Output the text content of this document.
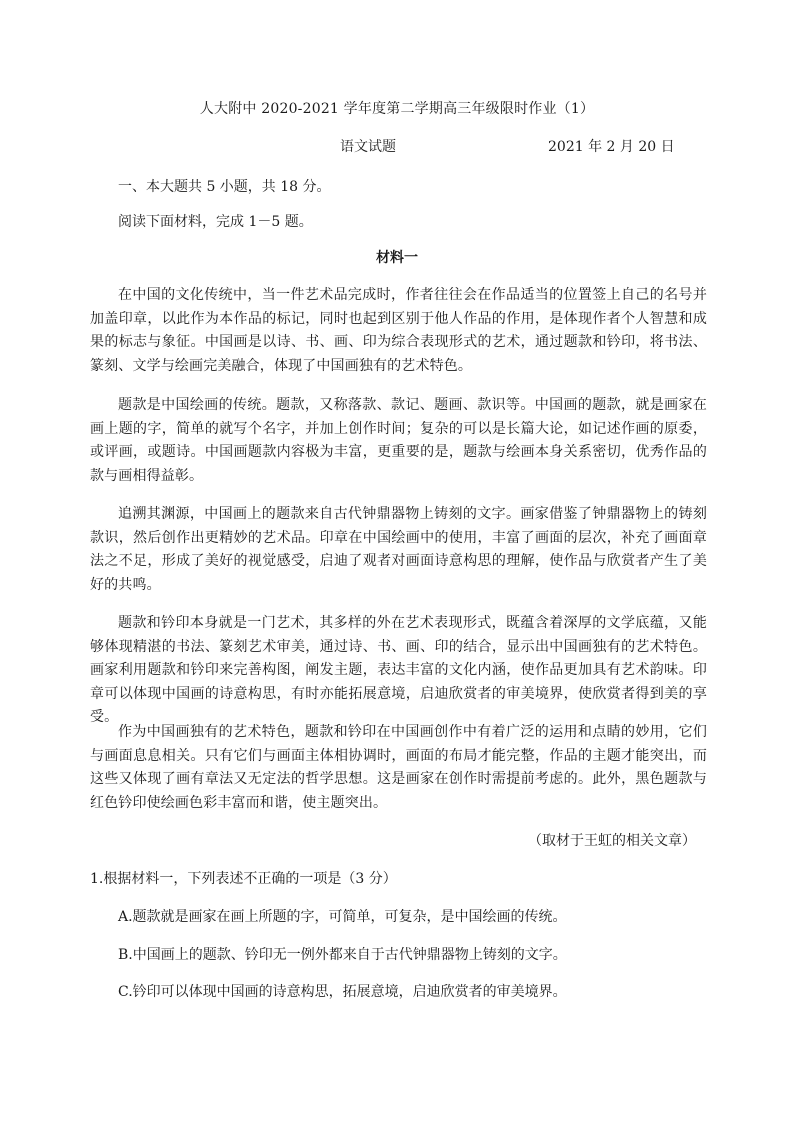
人大附中 2020-2021 学年度第二学期高三年级限时作业（1）
语文试题	2021 年 2 月 20 日
一、本大题共 5 小题，共 18 分。
阅读下面材料，完成 1－5 题。
材料一
在中国的文化传统中，当一件艺术品完成时，作者往往会在作品适当的位置签上自己的名号并加盖印章，以此作为本作品的标记，同时也起到区别于他人作品的作用，是体现作者个人智慧和成果的标志与象征。中国画是以诗、书、画、印为综合表现形式的艺术，通过题款和钤印，将书法、篆刻、文学与绘画完美融合，体现了中国画独有的艺术特色。
题款是中国绘画的传统。题款，又称落款、款记、题画、款识等。中国画的题款，就是画家在画上题的字，简单的就写个名字，并加上创作时间；复杂的可以是长篇大论，如记述作画的原委，或评画，或题诗。中国画题款内容极为丰富，更重要的是，题款与绘画本身关系密切，优秀作品的款与画相得益彰。
追溯其渊源，中国画上的题款来自古代钟鼎器物上铸刻的文字。画家借鉴了钟鼎器物上的铸刻款识，然后创作出更精妙的艺术品。印章在中国绘画中的使用，丰富了画面的层次，补充了画面章法之不足，形成了美好的视觉感受，启迪了观者对画面诗意构思的理解，使作品与欣赏者产生了美好的共鸣。
题款和钤印本身就是一门艺术，其多样的外在艺术表现形式，既蕴含着深厚的文学底蕴，又能够体现精湛的书法、篆刻艺术审美，通过诗、书、画、印的结合，显示出中国画独有的艺术特色。画家利用题款和钤印来完善构图，阐发主题，表达丰富的文化内涵，使作品更加具有艺术韵味。印章可以体现中国画的诗意构思，有时亦能拓展意境，启迪欣赏者的审美境界，使欣赏者得到美的享受。
作为中国画独有的艺术特色，题款和钤印在中国画创作中有着广泛的运用和点睛的妙用，它们与画面息息相关。只有它们与画面主体相协调时，画面的布局才能完整，作品的主题才能突出，而这些又体现了画有章法又无定法的哲学思想。这是画家在创作时需提前考虑的。此外，黑色题款与红色钤印使绘画色彩丰富而和谐，使主题突出。
（取材于王虹的相关文章）
1.根据材料一，下列表述不正确的一项是（3 分）
A.题款就是画家在画上所题的字，可简单，可复杂，是中国绘画的传统。
B.中国画上的题款、钤印无一例外都来自于古代钟鼎器物上铸刻的文字。
C.钤印可以体现中国画的诗意构思，拓展意境，启迪欣赏者的审美境界。
